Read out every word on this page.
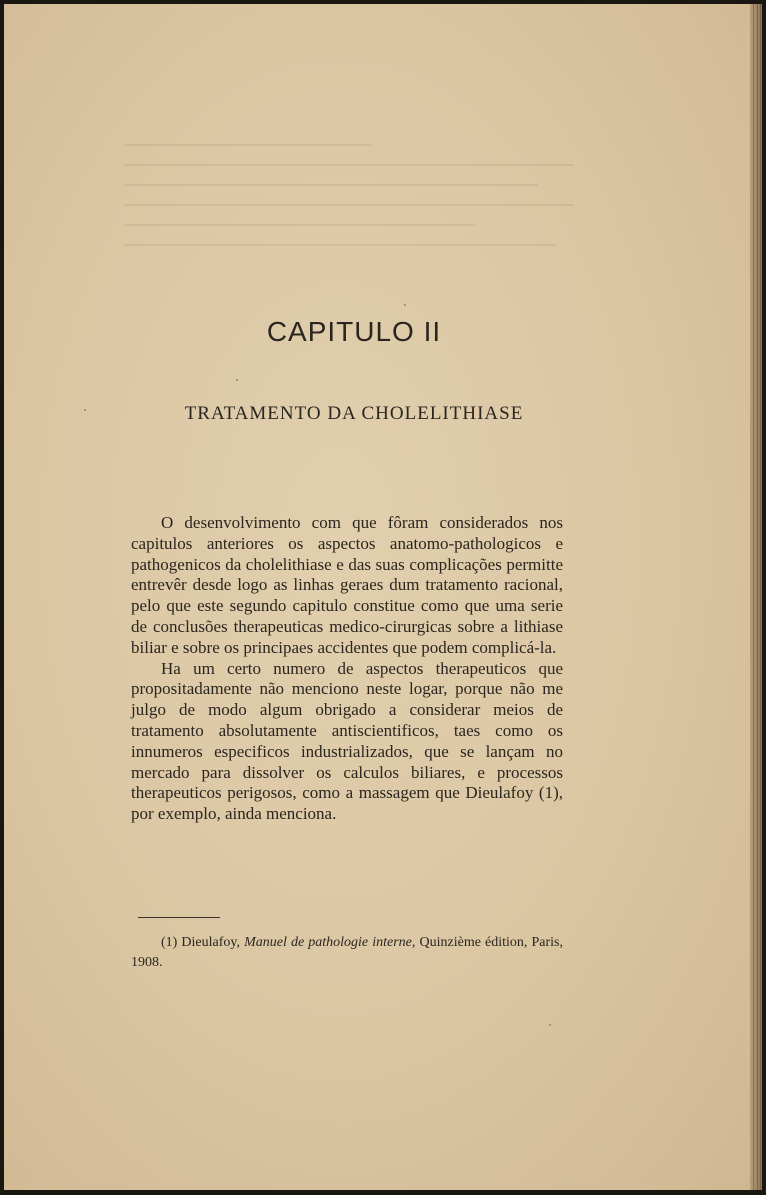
CAPITULO II
TRATAMENTO DA CHOLELITHIASE

O desenvolvimento com que fôram considerados nos capitulos anteriores os aspectos anatomo-pathologicos e pathogenicos da cholelithiase e das suas complicações permitte entrevêr desde logo as linhas geraes dum tratamento racional, pelo que este segundo capitulo constitue como que uma serie de conclusões therapeuticas medico-cirurgicas sobre a lithiase biliar e sobre os principaes accidentes que podem complicá-la.

Ha um certo numero de aspectos therapeuticos que propositadamente não menciono neste logar, porque não me julgo de modo algum obrigado a considerar meios de tratamento absolutamente antiscientificos, taes como os innumeros especificos industrializados, que se lançam no mercado para dissolver os calculos biliares, e processos therapeuticos perigosos, como a massagem que Dieulafoy (1), por exemplo, ainda menciona.

(1) Dieulafoy, Manuel de pathologie interne, Quinzième édition, Paris, 1908.
